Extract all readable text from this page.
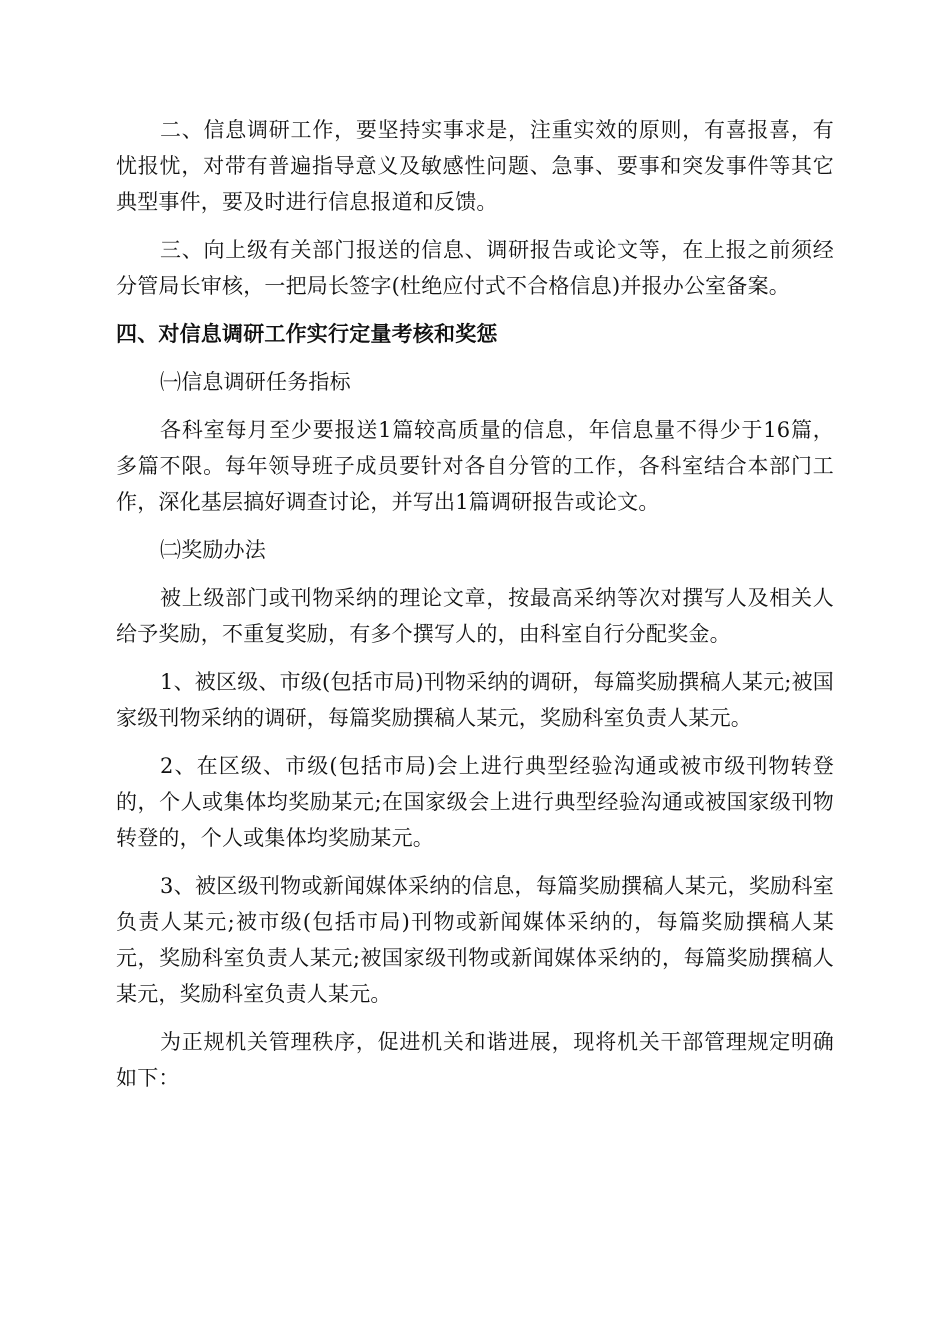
二、信息调研工作，要坚持实事求是，注重实效的原则，有喜报喜，有忧报忧，对带有普遍指导意义及敏感性问题、急事、要事和突发事件等其它典型事件，要及时进行信息报道和反馈。

三、向上级有关部门报送的信息、调研报告或论文等，在上报之前须经分管局长审核，一把局长签字(杜绝应付式不合格信息)并报办公室备案。

四、对信息调研工作实行定量考核和奖惩

㈠信息调研任务指标

各科室每月至少要报送1篇较高质量的信息，年信息量不得少于16篇，多篇不限。每年领导班子成员要针对各自分管的工作，各科室结合本部门工作，深化基层搞好调查讨论，并写出1篇调研报告或论文。

㈡奖励办法

被上级部门或刊物采纳的理论文章，按最高采纳等次对撰写人及相关人给予奖励，不重复奖励，有多个撰写人的，由科室自行分配奖金。

1、被区级、市级(包括市局)刊物采纳的调研，每篇奖励撰稿人某元;被国家级刊物采纳的调研，每篇奖励撰稿人某元，奖励科室负责人某元。

2、在区级、市级(包括市局)会上进行典型经验沟通或被市级刊物转登的，个人或集体均奖励某元;在国家级会上进行典型经验沟通或被国家级刊物转登的，个人或集体均奖励某元。

3、被区级刊物或新闻媒体采纳的信息，每篇奖励撰稿人某元，奖励科室负责人某元;被市级(包括市局)刊物或新闻媒体采纳的，每篇奖励撰稿人某元，奖励科室负责人某元;被国家级刊物或新闻媒体采纳的，每篇奖励撰稿人某元，奖励科室负责人某元。

为正规机关管理秩序，促进机关和谐进展，现将机关干部管理规定明确如下：
